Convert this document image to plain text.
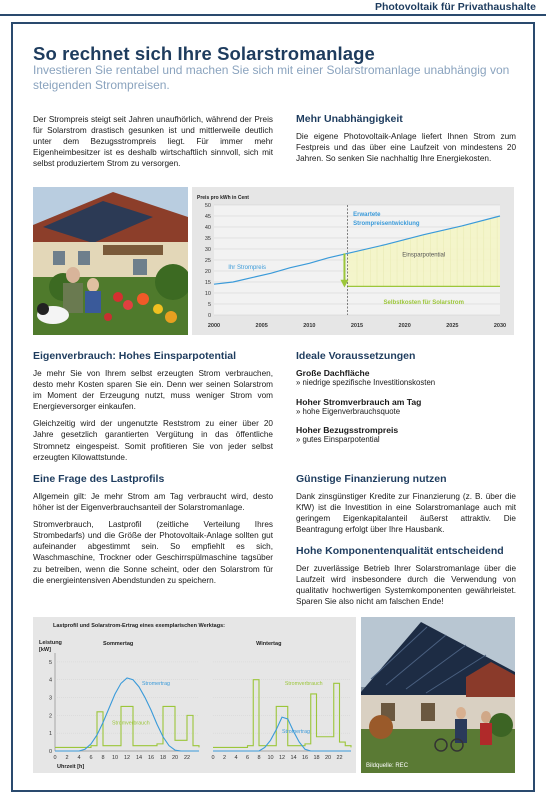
Photovoltaik für Privathaushalte
So rechnet sich Ihre Solarstromanlage
Investieren Sie rentabel und machen Sie sich mit einer Solarstromanlage unabhängig von steigenden Strompreisen.

Der Strompreis steigt seit Jahren unaufhörlich, während der Preis für Solarstrom drastisch gesunken ist und mittlerweile deutlich unter dem Bezugsstrompreis liegt. Für immer mehr Eigenheimbesitzer ist es deshalb wirtschaftlich sinnvoll, sich mit selbst produziertem Strom zu versorgen.

Mehr Unabhängigkeit

Die eigene Photovoltaik-Anlage liefert Ihnen Strom zum Festpreis und das über eine Laufzeit von mindestens 20 Jahren. So senken Sie nachhaltig Ihre Energiekosten.

Preis pro kWh in Cent
0
5
10
15
20
25
30
35
40
45
50
2000	2005	2010	2015	2020	2025	2030
Ihr Strompreis
Erwartete
Strompreisentwicklung
Einsparpotential
Selbstkosten für Solarstrom
Eigenverbrauch: Hohes Einsparpotential

Je mehr Sie von Ihrem selbst erzeugten Strom verbrauchen, desto mehr Kosten sparen Sie ein. Denn wer seinen Solarstrom im Moment der Erzeugung nutzt, muss weniger Strom vom Energieversorger einkaufen.

Gleichzeitig wird der ungenutzte Reststrom zu einer über 20 Jahre gesetzlich garantierten Vergütung in das öffentliche Stromnetz eingespeist. Somit profitieren Sie von jeder selbst erzeugten Kilowattstunde.

Eine Frage des Lastprofils

Allgemein gilt: Je mehr Strom am Tag verbraucht wird, desto höher ist der Eigenverbrauchsanteil der Solarstromanlage.

Stromverbrauch, Lastprofil (zeitliche Verteilung Ihres Strombedarfs) und die Größe der Photovoltaik-Anlage sollten gut aufeinander abgestimmt sein. So empfiehlt es sich, Waschmaschine, Trockner oder Geschirrspülmaschine tagsüber zu betreiben, wenn die Sonne scheint, oder den Solarstrom für die energieintensiven Abendstunden zu speichern.

Ideale Voraussetzungen
Große Dachfläche
» niedrige spezifische Investitionskosten
Hoher Stromverbrauch am Tag
» hohe Eigenverbrauchsquote
Hoher Bezugsstrompreis
» gutes Einsparpotential
Günstige Finanzierung nutzen

Dank zinsgünstiger Kredite zur Finanzierung (z. B. über die KfW) ist die Investition in eine Solarstromanlage auch mit geringem Eigenkapitalanteil äußerst attraktiv. Die Beantragung erfolgt über Ihre Hausbank.

Hohe Komponentenqualität entscheidend

Der zuverlässige Betrieb Ihrer Solarstromanlage über die Laufzeit wird insbesondere durch die Verwendung von qualitativ hochwertigen Systemkomponenten gewährleistet. Sparen Sie also nicht am falschen Ende!

Lastprofil und Solarstrom-Ertrag eines exemplarischen Werktags:
Leistung
[kW]
0
1
2
3
4
5
0 2 4 6 8 10 12 14 16 18 20 22
Sommertag
Stromertrag
Stromverbrauch
0 2 4 6 8 10 12 14 16 18 20 22
Wintertag
Stromverbrauch
Stromertrag
Uhrzeit [h]	Bildquelle: REC
